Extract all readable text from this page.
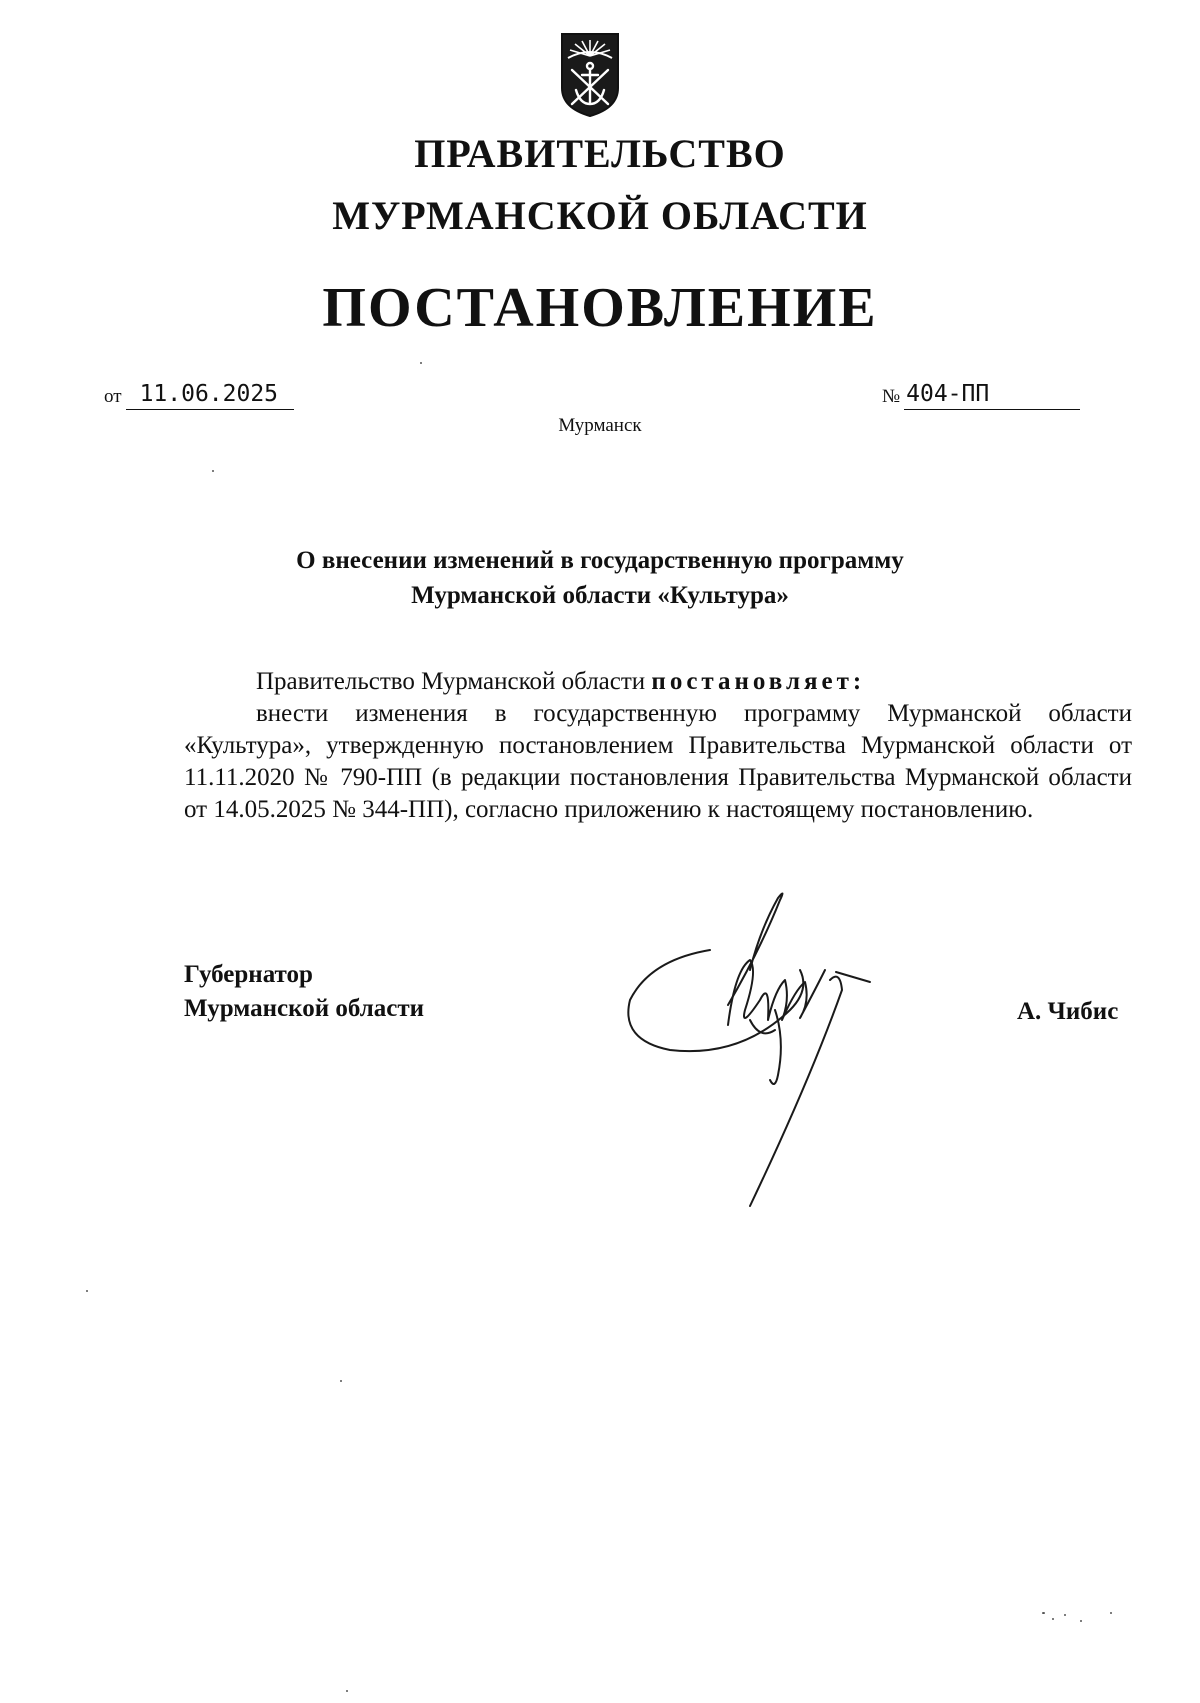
ПРАВИТЕЛЬСТВО
МУРМАНСКОЙ ОБЛАСТИ
ПОСТАНОВЛЕНИЕ
от 11.06.2025	№ 404-ПП
Мурманск
О внесении изменений в государственную программу
Мурманской области «Культура»

Правительство Мурманской области постановляет:

внести изменения в государственную программу Мурманской области «Культура», утвержденную постановлением Правительства Мурманской области от 11.11.2020 № 790-ПП (в редакции постановления Правительства Мурманской области от 14.05.2025 № 344-ПП), согласно приложению к настоящему постановлению.

Губернатор
Мурманской области	А. Чибис
